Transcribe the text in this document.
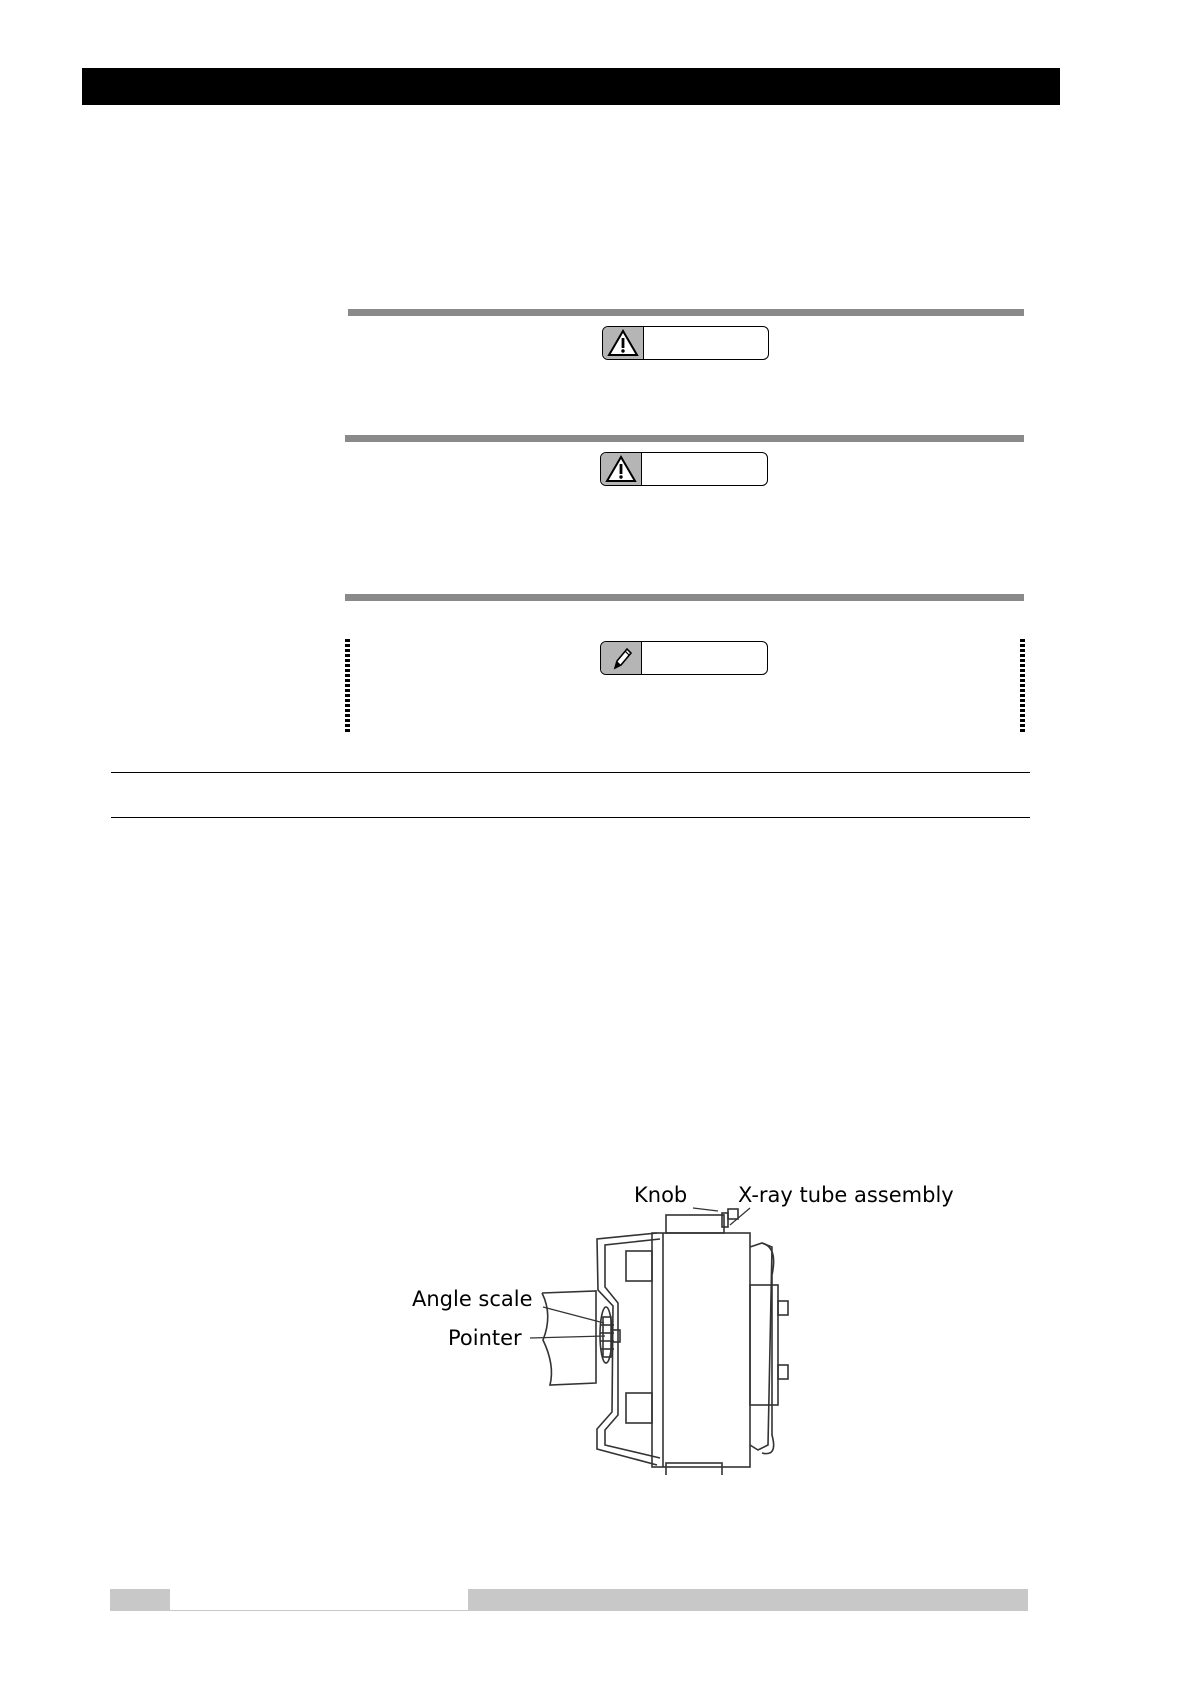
Knob X-ray tube assembly
Angle scale
Pointer
